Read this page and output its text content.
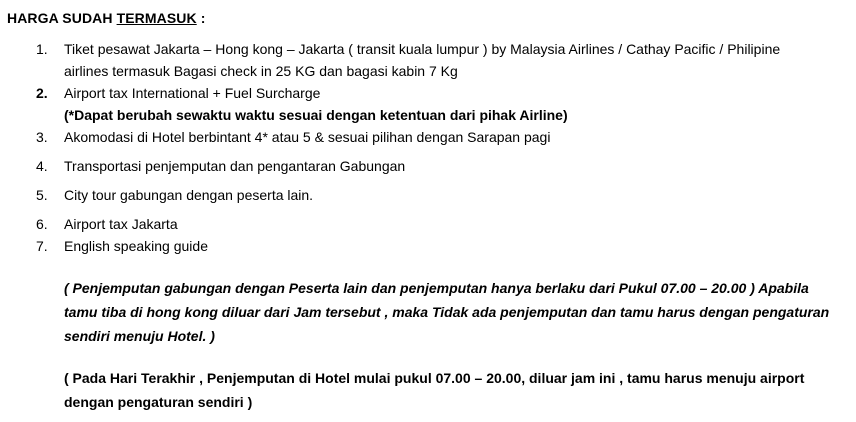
HARGA SUDAH TERMASUK :
1. Tiket pesawat Jakarta – Hong kong – Jakarta ( transit kuala lumpur ) by Malaysia Airlines / Cathay Pacific / Philipine
airlines termasuk Bagasi check in 25 KG dan bagasi kabin 7 Kg
2. Airport tax International + Fuel Surcharge
(*Dapat berubah sewaktu waktu sesuai dengan ketentuan dari pihak Airline)
3. Akomodasi di Hotel berbintant 4* atau 5 & sesuai pilihan dengan Sarapan pagi
4. Transportasi penjemputan dan pengantaran Gabungan
5. City tour gabungan dengan peserta lain.
6. Airport tax Jakarta
7. English speaking guide
( Penjemputan gabungan dengan Peserta lain dan penjemputan hanya berlaku dari Pukul 07.00 – 20.00 ) Apabila tamu tiba di hong kong diluar dari Jam tersebut , maka Tidak ada penjemputan dan tamu harus dengan pengaturan sendiri menuju Hotel. )
( Pada Hari Terakhir , Penjemputan di Hotel mulai pukul 07.00 – 20.00, diluar jam ini , tamu harus menuju airport dengan pengaturan sendiri )
